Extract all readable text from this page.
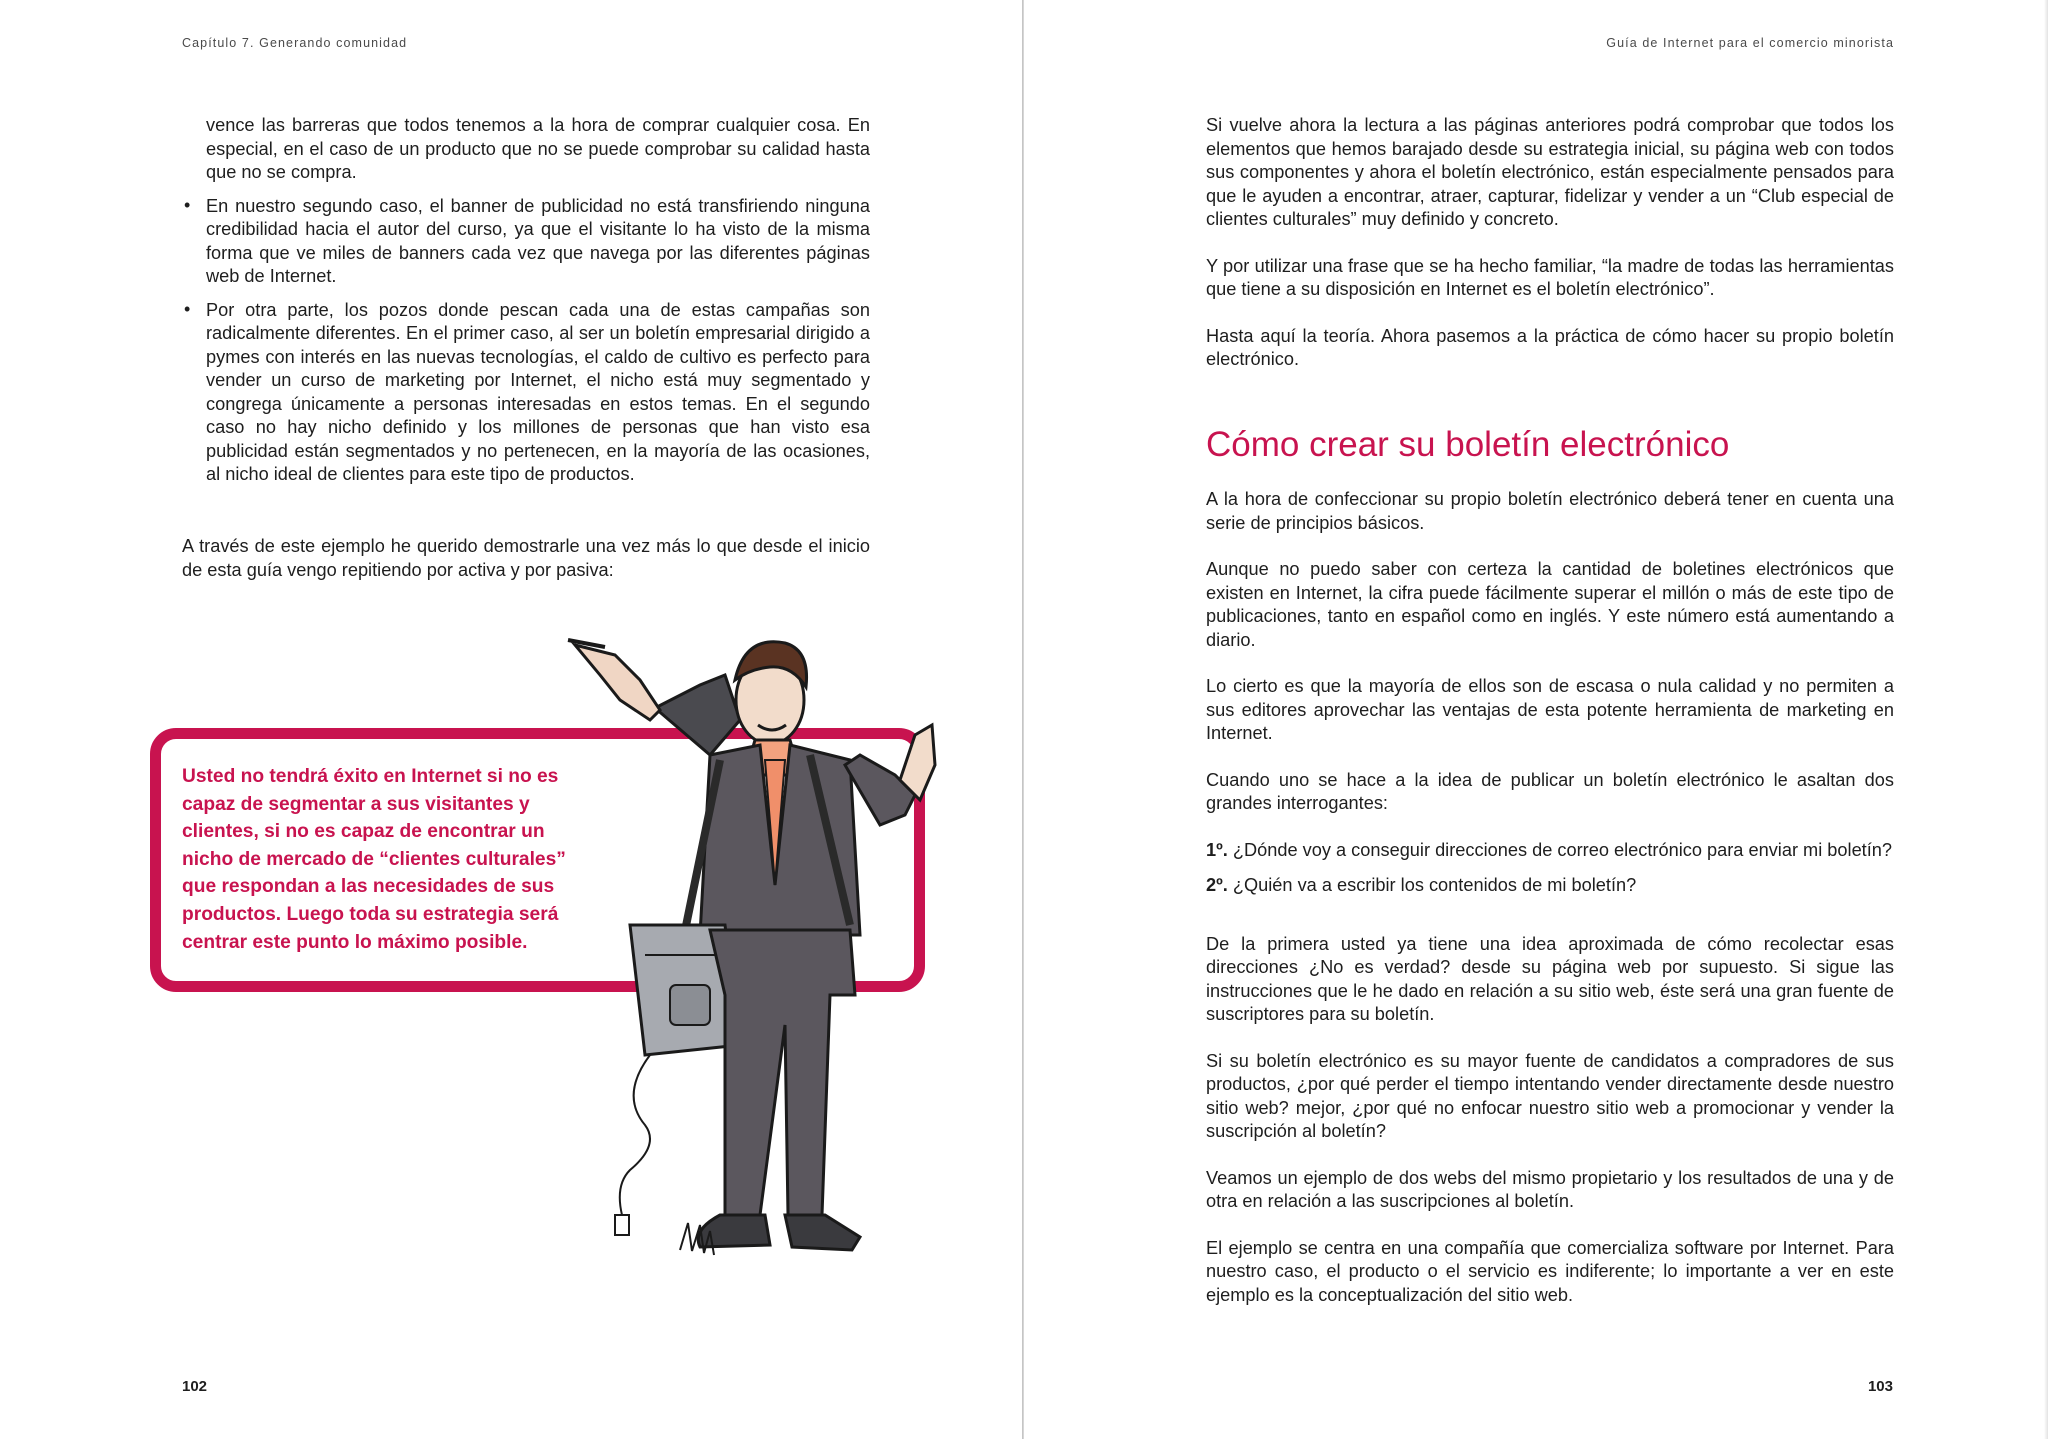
Capítulo 7. Generando comunidad

vence las barreras que todos tenemos a la hora de comprar cualquier cosa. En especial, en el caso de un producto que no se puede comprobar su calidad hasta que no se compra.

• En nuestro segundo caso, el banner de publicidad no está transfiriendo ninguna credibilidad hacia el autor del curso, ya que el visitante lo ha visto de la misma forma que ve miles de banners cada vez que navega por las diferentes páginas web de Internet.

• Por otra parte, los pozos donde pescan cada una de estas campañas son radicalmente diferentes. En el primer caso, al ser un boletín empresarial dirigido a pymes con interés en las nuevas tecnologías, el caldo de cultivo es perfecto para vender un curso de marketing por Internet, el nicho está muy segmentado y congrega únicamente a personas interesadas en estos temas. En el segundo caso no hay nicho definido y los millones de personas que han visto esa publicidad están segmentados y no pertenecen, en la mayoría de las ocasiones, al nicho ideal de clientes para este tipo de productos.

A través de este ejemplo he querido demostrarle una vez más lo que desde el inicio de esta guía vengo repitiendo por activa y por pasiva:

Usted no tendrá éxito en Internet si no es capaz de segmentar a sus visitantes y clientes, si no es capaz de encontrar un nicho de mercado de “clientes culturales” que respondan a las necesidades de sus productos. Luego toda su estrategia será centrar este punto lo máximo posible.

102
Guía de Internet para el comercio minorista
103

Si vuelve ahora la lectura a las páginas anteriores podrá comprobar que todos los elementos que hemos barajado desde su estrategia inicial, su página web con todos sus componentes y ahora el boletín electrónico, están especialmente pensados para que le ayuden a encontrar, atraer, capturar, fidelizar y vender a un “Club especial de clientes culturales” muy definido y concreto.

Y por utilizar una frase que se ha hecho familiar, “la madre de todas las herramientas que tiene a su disposición en Internet es el boletín electrónico”.

Hasta aquí la teoría. Ahora pasemos a la práctica de cómo hacer su propio boletín electrónico.

Cómo crear su boletín electrónico

A la hora de confeccionar su propio boletín electrónico deberá tener en cuenta una serie de principios básicos.

Aunque no puedo saber con certeza la cantidad de boletines electrónicos que existen en Internet, la cifra puede fácilmente superar el millón o más de este tipo de publicaciones, tanto en español como en inglés. Y este número está aumentando a diario.

Lo cierto es que la mayoría de ellos son de escasa o nula calidad y no permiten a sus editores aprovechar las ventajas de esta potente herramienta de marketing en Internet.

Cuando uno se hace a la idea de publicar un boletín electrónico le asaltan dos grandes interrogantes:

1º. ¿Dónde voy a conseguir direcciones de correo electrónico para enviar mi boletín?

2º. ¿Quién va a escribir los contenidos de mi boletín?

De la primera usted ya tiene una idea aproximada de cómo recolectar esas direcciones ¿No es verdad? desde su página web por supuesto. Si sigue las instrucciones que le he dado en relación a su sitio web, éste será una gran fuente de suscriptores para su boletín.

Si su boletín electrónico es su mayor fuente de candidatos a compradores de sus productos, ¿por qué perder el tiempo intentando vender directamente desde nuestro sitio web? mejor, ¿por qué no enfocar nuestro sitio web a promocionar y vender la suscripción al boletín?

Veamos un ejemplo de dos webs del mismo propietario y los resultados de una y de otra en relación a las suscripciones al boletín.

El ejemplo se centra en una compañía que comercializa software por Internet. Para nuestro caso, el producto o el servicio es indiferente; lo importante a ver en este ejemplo es la conceptualización del sitio web.
